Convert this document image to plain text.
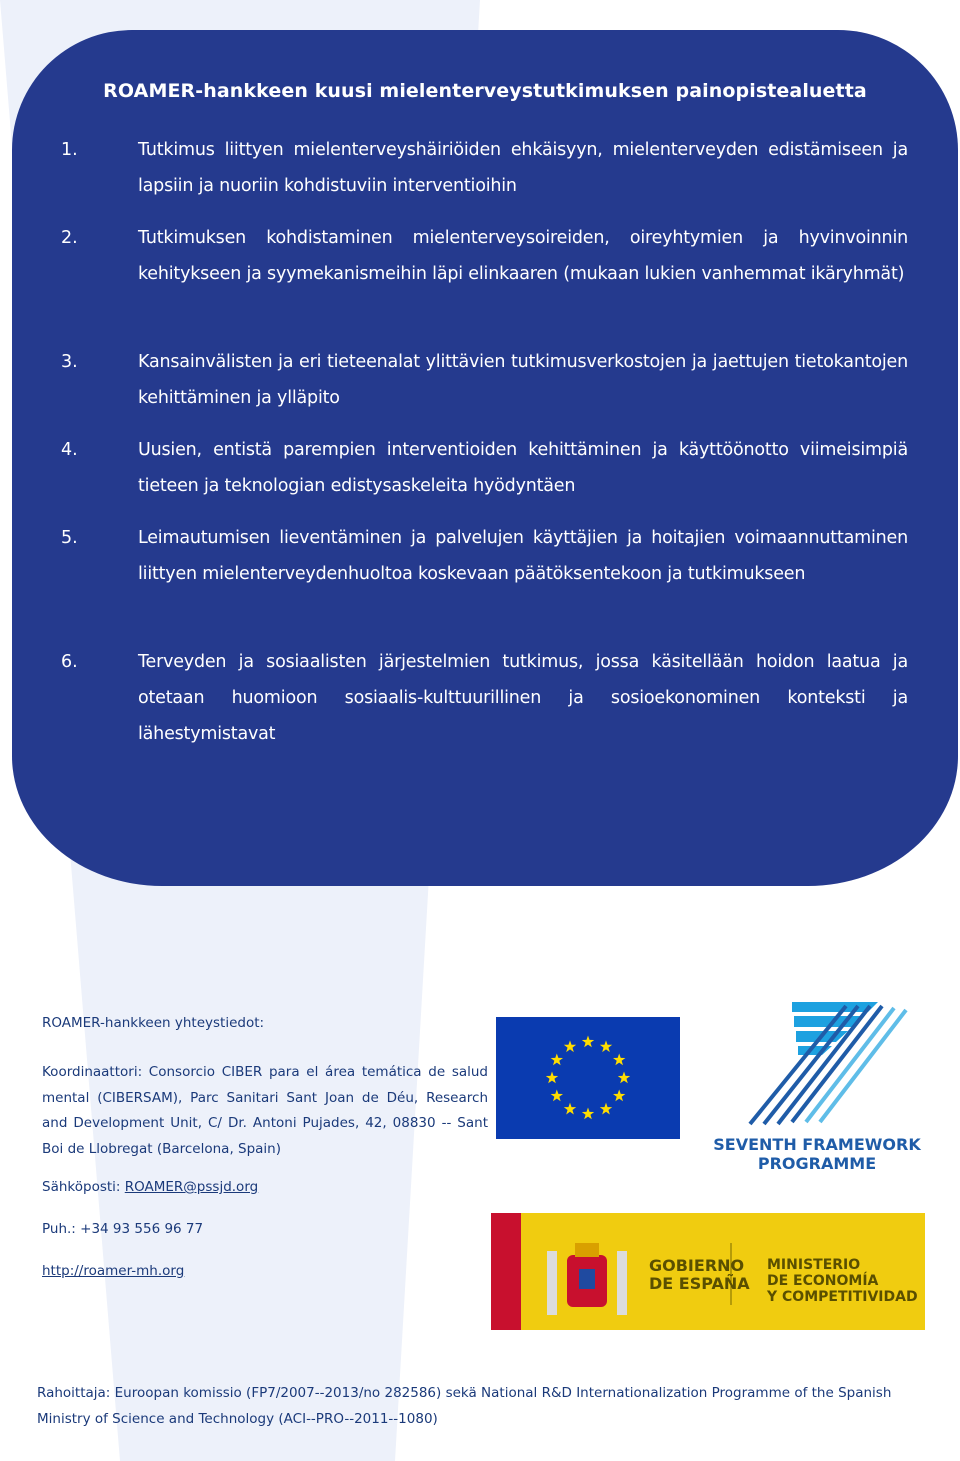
ROAMER-hankkeen kuusi mielenterveystutkimuksen painopistealuetta
1.	Tutkimus liittyen mielenterveyshäiriöiden ehkäisyyn, mielenterveyden edistämiseen ja lapsiin ja nuoriin kohdistuviin interventioihin
2.	Tutkimuksen kohdistaminen mielenterveysoireiden, oireyhtymien ja hyvinvoinnin kehitykseen ja syymekanismeihin läpi elinkaaren (mukaan lukien vanhemmat ikäryhmät)
3.	Kansainvälisten ja eri tieteenalat ylittävien tutkimusverkostojen ja jaettujen tietokantojen kehittäminen ja ylläpito
4.	Uusien, entistä parempien interventioiden kehittäminen ja käyttöönotto viimeisimpiä tieteen ja teknologian edistysaskeleita hyödyntäen
5.	Leimautumisen lieventäminen ja palvelujen käyttäjien ja hoitajien voimaannuttaminen liittyen mielenterveydenhuoltoa koskevaan päätöksentekoon ja tutkimukseen
6.	Terveyden ja sosiaalisten järjestelmien tutkimus, jossa käsitellään hoidon laatua ja otetaan huomioon sosiaalis-kulttuurillinen ja sosioekonominen konteksti ja lähestymistavat
ROAMER-hankkeen yhteystiedot:
Koordinaattori: Consorcio CIBER para el área temática de salud mental (CIBERSAM), Parc Sanitari Sant Joan de Déu, Research and Development Unit, C/ Dr. Antoni Pujades, 42, 08830 -- Sant Boi de Llobregat (Barcelona, Spain)
Sähköposti: ROAMER@pssjd.org
Puh.: +34 93 556 96 77
http://roamer-mh.org
SEVENTH FRAMEWORK
PROGRAMME
GOBIERNO
DE ESPAÑA
MINISTERIO
DE ECONOMÍA
Y COMPETITIVIDAD
Rahoittaja: Euroopan komissio (FP7/2007--2013/no 282586) sekä National R&D Internationalization Programme of the Spanish Ministry of Science and Technology (ACI--PRO--2011--1080)
